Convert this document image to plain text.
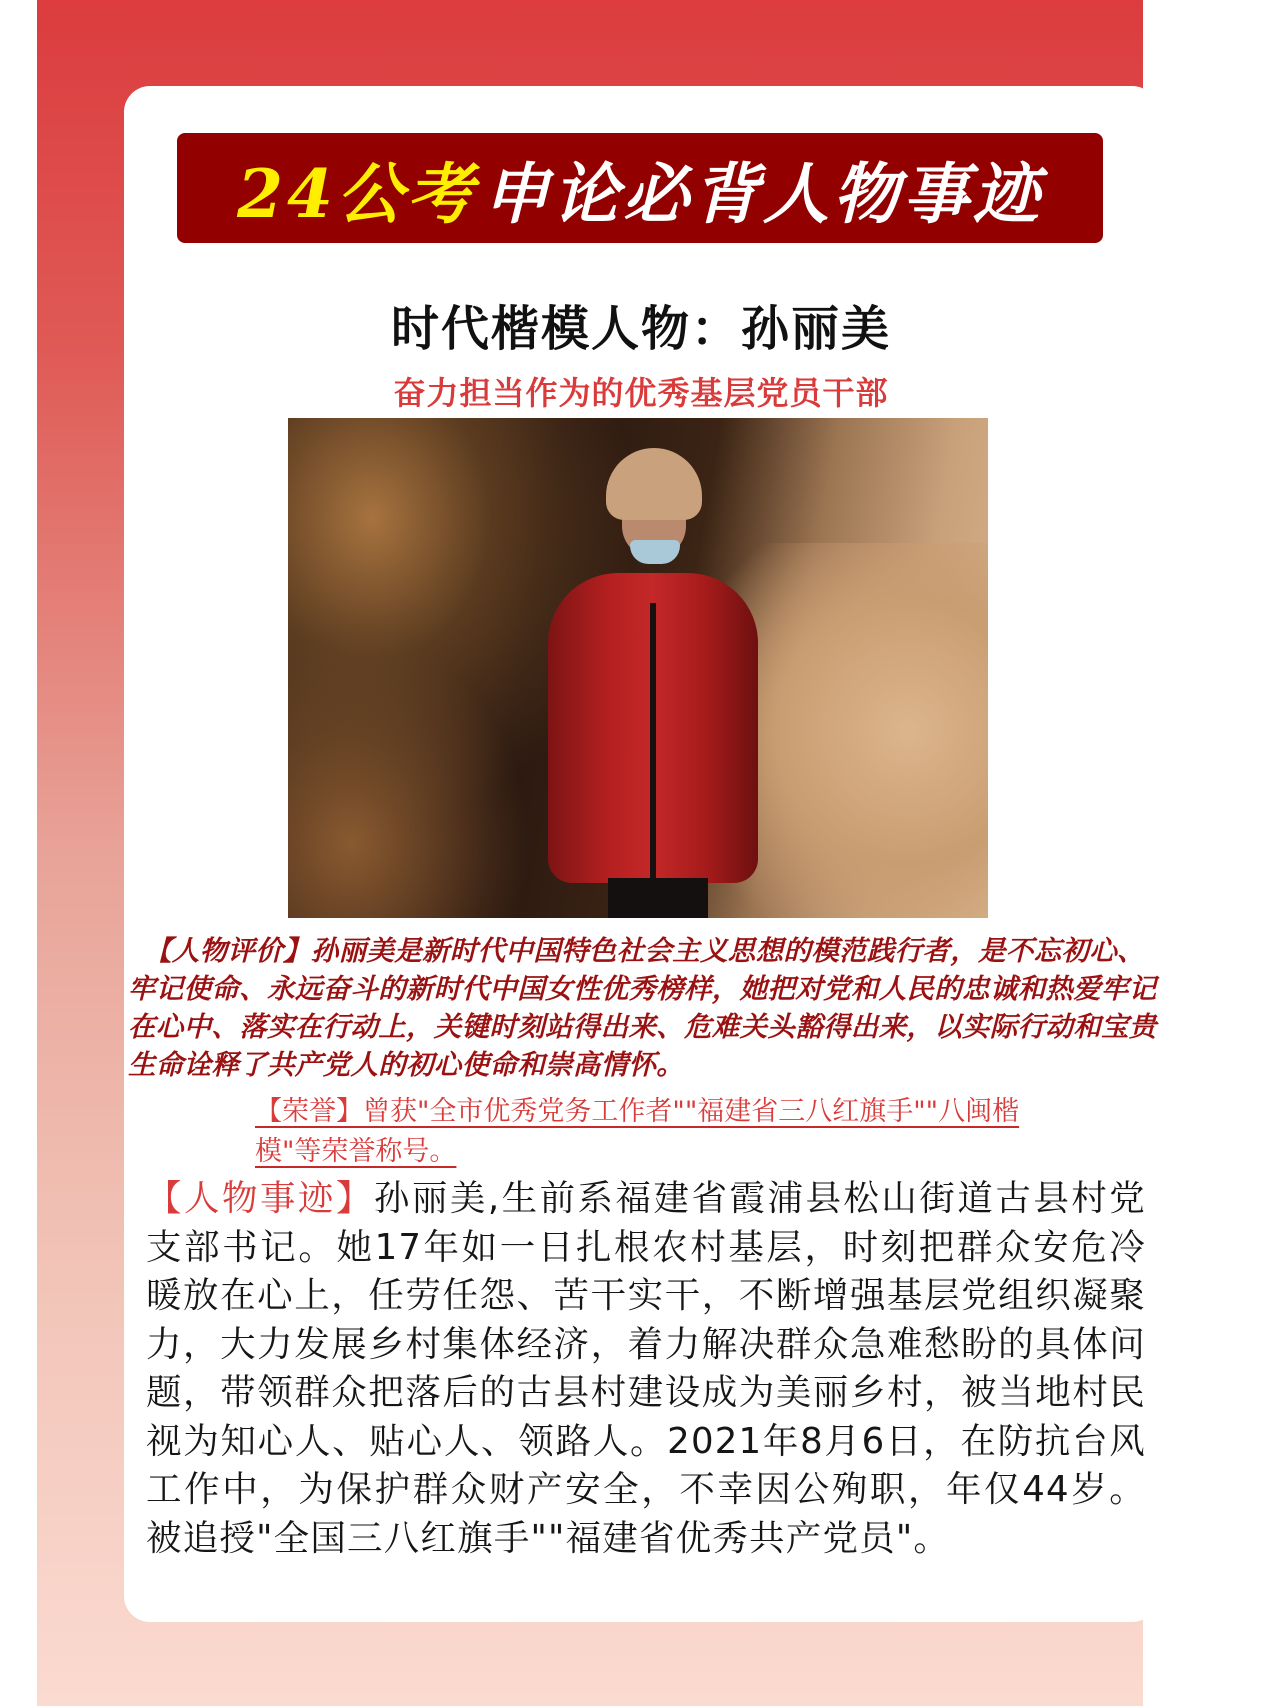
24公考 申论必背人物事迹
时代楷模人物：孙丽美
奋力担当作为的优秀基层党员干部
【人物评价】孙丽美是新时代中国特色社会主义思想的模范践行者，是不忘初心、牢记使命、永远奋斗的新时代中国女性优秀榜样，她把对党和人民的忠诚和热爱牢记在心中、落实在行动上，关键时刻站得出来、危难关头豁得出来，以实际行动和宝贵生命诠释了共产党人的初心使命和崇高情怀。
【荣誉】曾获"全市优秀党务工作者""福建省三八红旗手""八闽楷模"等荣誉称号。
【人物事迹】孙丽美,生前系福建省霞浦县松山街道古县村党支部书记。她17年如一日扎根农村基层，时刻把群众安危冷暖放在心上，任劳任怨、苦干实干，不断增强基层党组织凝聚力，大力发展乡村集体经济，着力解决群众急难愁盼的具体问题，带领群众把落后的古县村建设成为美丽乡村，被当地村民视为知心人、贴心人、领路人。2021年8月6日，在防抗台风工作中，为保护群众财产安全，不幸因公殉职，年仅44岁。被追授"全国三八红旗手""福建省优秀共产党员"。
